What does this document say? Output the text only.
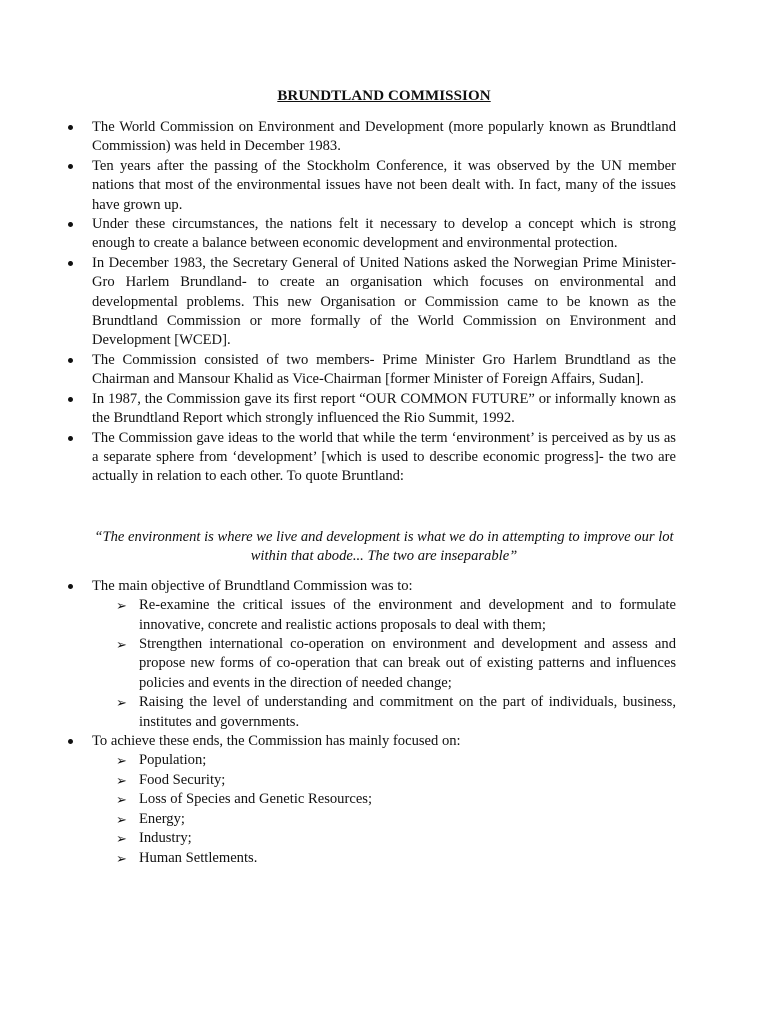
BRUNDTLAND COMMISSION
The World Commission on Environment and Development (more popularly known as Brundtland Commission) was held in December 1983.
Ten years after the passing of the Stockholm Conference, it was observed by the UN member nations that most of the environmental issues have not been dealt with. In fact, many of the issues have grown up.
Under these circumstances, the nations felt it necessary to develop a concept which is strong enough to create a balance between economic development and environmental protection.
In December 1983, the Secretary General of United Nations asked the Norwegian Prime Minister- Gro Harlem Brundland- to create an organisation which focuses on environmental and developmental problems. This new Organisation or Commission came to be known as the Brundtland Commission or more formally of the World Commission on Environment and Development [WCED].
The Commission consisted of two members- Prime Minister Gro Harlem Brundtland as the Chairman and Mansour Khalid as Vice-Chairman [former Minister of Foreign Affairs, Sudan].
In 1987, the Commission gave its first report “OUR COMMON FUTURE” or informally known as the Brundtland Report which strongly influenced the Rio Summit, 1992.
The Commission gave ideas to the world that while the term ‘environment’ is perceived as by us as a separate sphere from ‘development’ [which is used to describe economic progress]- the two are actually in relation to each other. To quote Bruntland:
“The environment is where we live and development is what we do in attempting to improve our lot within that abode... The two are inseparable”
The main objective of Brundtland Commission was to:
➢ Re-examine the critical issues of the environment and development and to formulate innovative, concrete and realistic actions proposals to deal with them;
➢ Strengthen international co-operation on environment and development and assess and propose new forms of co-operation that can break out of existing patterns and influences policies and events in the direction of needed change;
➢ Raising the level of understanding and commitment on the part of individuals, business, institutes and governments.
To achieve these ends, the Commission has mainly focused on:
➢ Population;
➢ Food Security;
➢ Loss of Species and Genetic Resources;
➢ Energy;
➢ Industry;
➢ Human Settlements.
